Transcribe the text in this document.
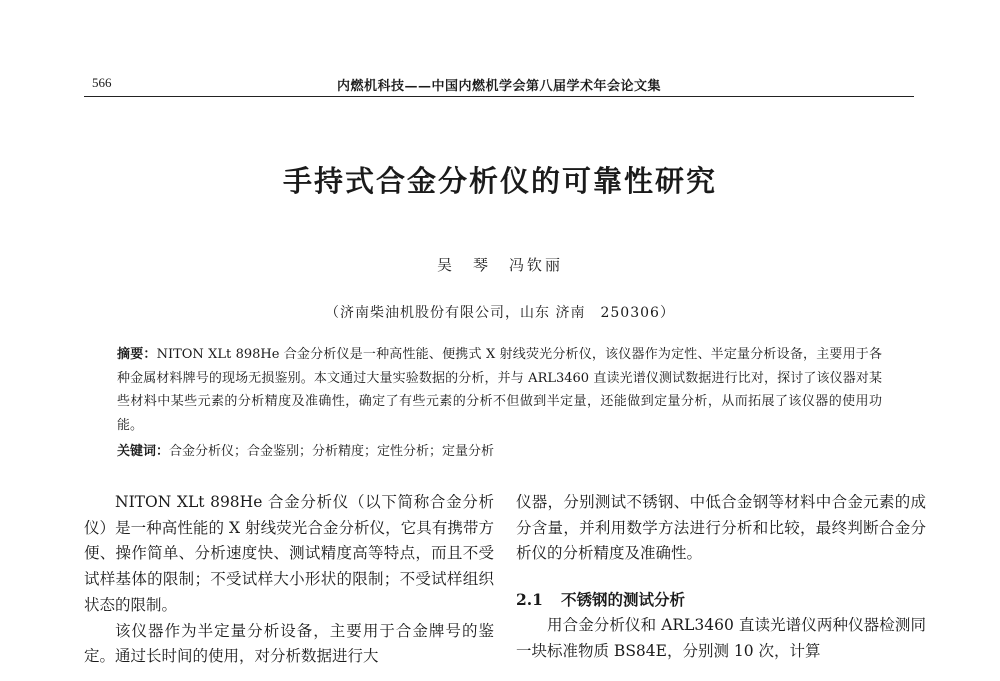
566	内燃机科技——中国内燃机学会第八届学术年会论文集
手持式合金分析仪的可靠性研究
吴　琴　冯钦丽
（济南柴油机股份有限公司，山东 济南　250306）
摘要：NITON XLt 898He 合金分析仪是一种高性能、便携式 X 射线荧光分析仪，该仪器作为定性、半定量分析设备，主要用于各种金属材料牌号的现场无损鉴别。本文通过大量实验数据的分析，并与 ARL3460 直读光谱仪测试数据进行比对，探讨了该仪器对某些材料中某些元素的分析精度及准确性，确定了有些元素的分析不但做到半定量，还能做到定量分析，从而拓展了该仪器的使用功能。
关键词：合金分析仪；合金鉴别；分析精度；定性分析；定量分析

NITON XLt 898He 合金分析仪（以下简称合金分析仪）是一种高性能的 X 射线荧光合金分析仪，它具有携带方便、操作简单、分析速度快、测试精度高等特点，而且不受试样基体的限制；不受试样大小形状的限制；不受试样组织状态的限制。

该仪器作为半定量分析设备，主要用于合金牌号的鉴定。通过长时间的使用，对分析数据进行大

仪器，分别测试不锈钢、中低合金钢等材料中合金元素的成分含量，并利用数学方法进行分析和比较，最终判断合金分析仪的分析精度及准确性。

2.1 不锈钢的测试分析

用合金分析仪和 ARL3460 直读光谱仪两种仪器检测同一块标准物质 BS84E，分别测 10 次，计算
